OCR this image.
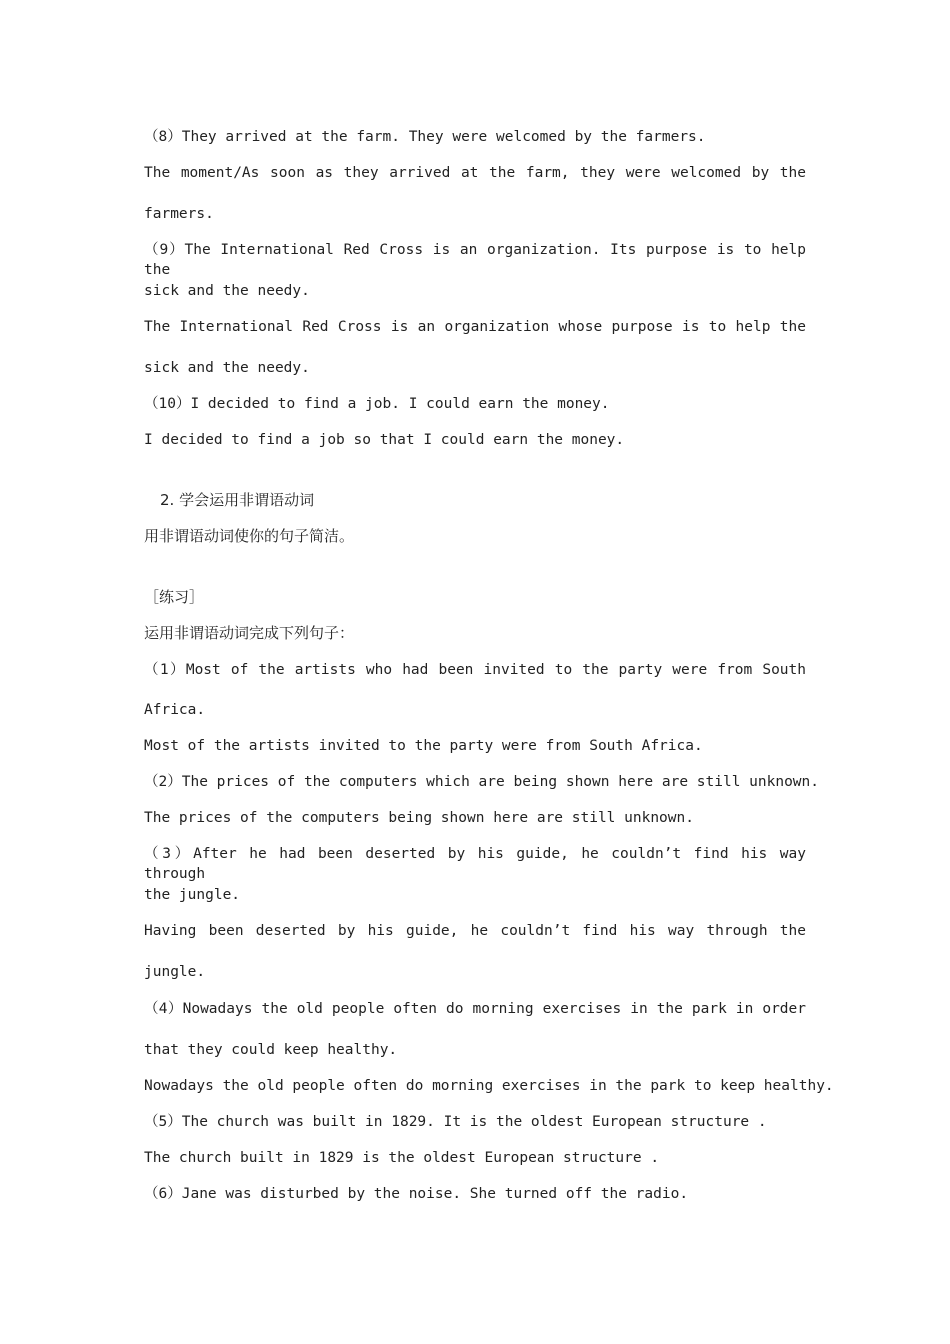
（8）They arrived at the farm. They were welcomed by the farmers.
The moment/As soon as they arrived at the farm, they were welcomed by the
farmers.
（9）The International Red Cross is an organization. Its purpose is to help the
sick and the needy.
The International Red Cross is an organization whose purpose is to help the
sick and the needy.
（10）I decided to find a job. I could earn the money.
I decided to find a job so that I could earn the money.
2. 学会运用非谓语动词
用非谓语动词使你的句子简洁。
［练习］
运用非谓语动词完成下列句子：
（1）Most of the artists who had been invited to the party were from South
Africa.
Most of the artists invited to the party were from South Africa.
（2）The prices of the computers which are being shown here are still unknown.
The prices of the computers being shown here are still unknown.
（3）After he had been deserted by his guide, he couldn’t find his way through
the jungle.
Having been deserted by his guide, he couldn’t find his way through the
jungle.
（4）Nowadays the old people often do morning exercises in the park in order
that they could keep healthy.
Nowadays the old people often do morning exercises in the park to keep healthy.
（5）The church was built in 1829. It is the oldest European structure .
The church built in 1829 is the oldest European structure .
（6）Jane was disturbed by the noise. She turned off the radio.
